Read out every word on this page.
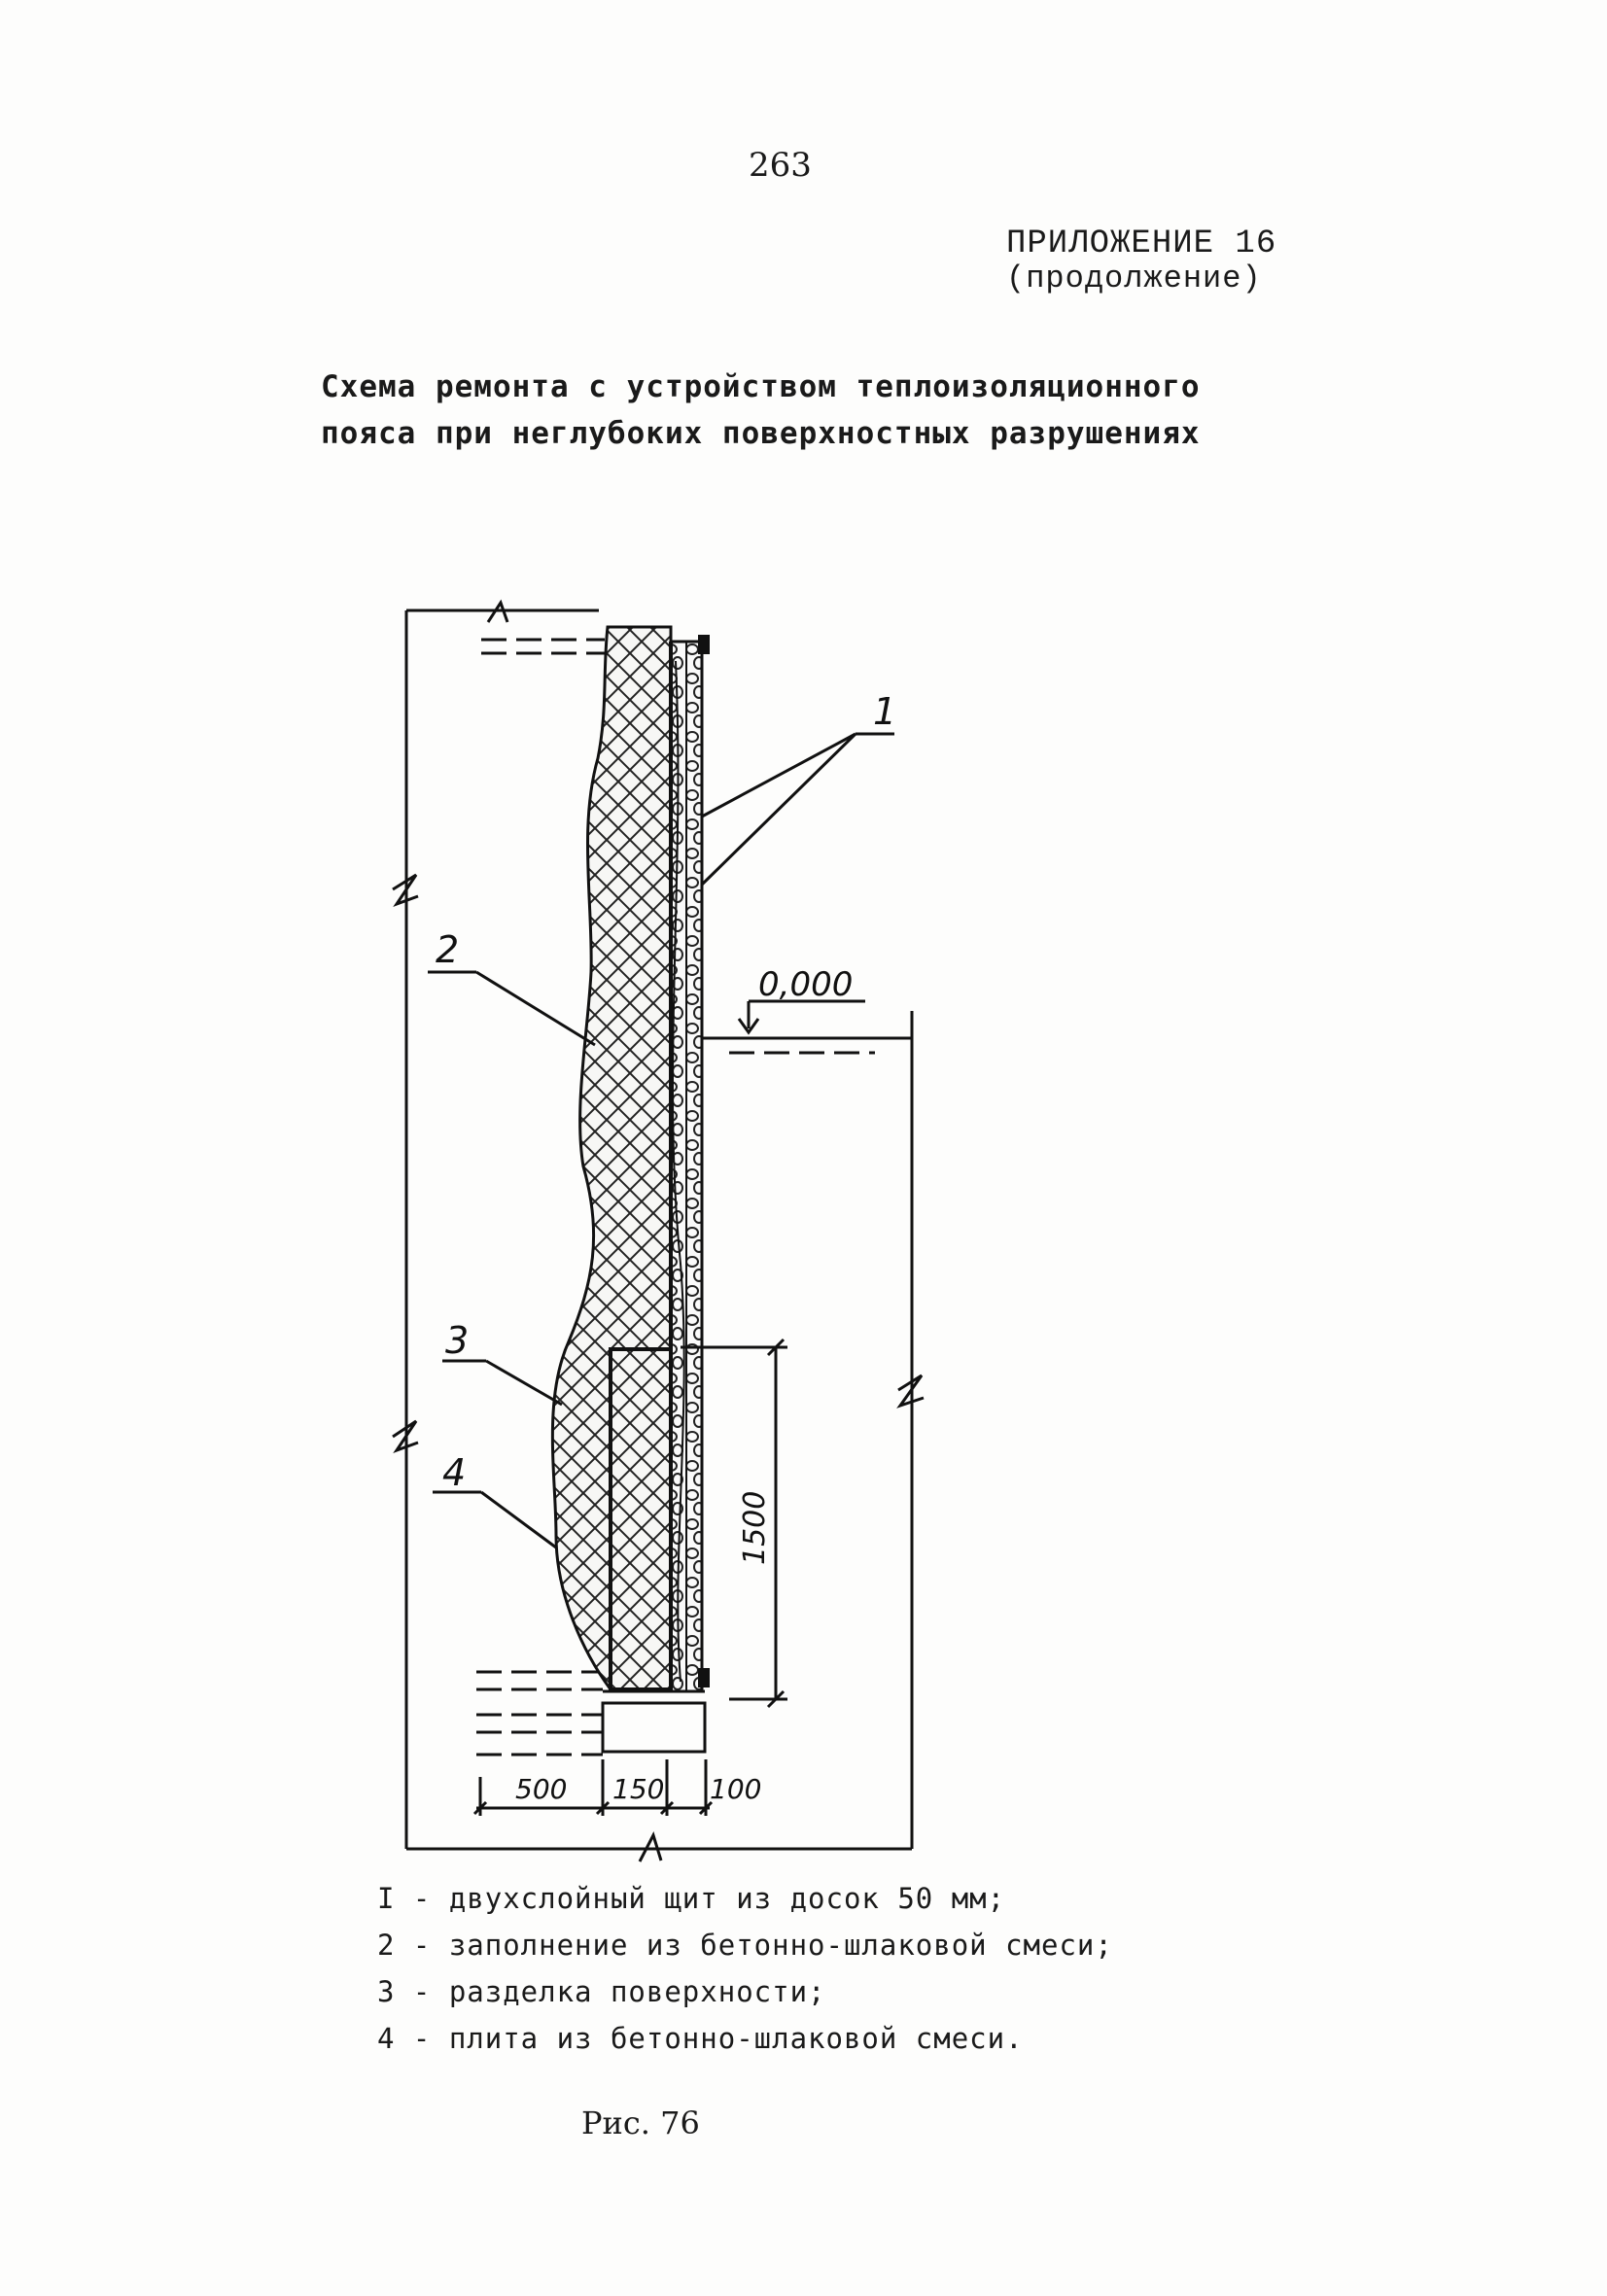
263
ПРИЛОЖЕНИЕ 16
(продолжение)
Схема ремонта с устройством теплоизоляционного
пояса при неглубоких поверхностных разрушениях
0,000
1500
500 150 100
1
2
3
4
I - двухслойный щит из досок 50 мм;
2 - заполнение из бетонно-шлаковой смеси;
3 - разделка поверхности;
4 - плита из бетонно-шлаковой смеси.
Рис. 76
